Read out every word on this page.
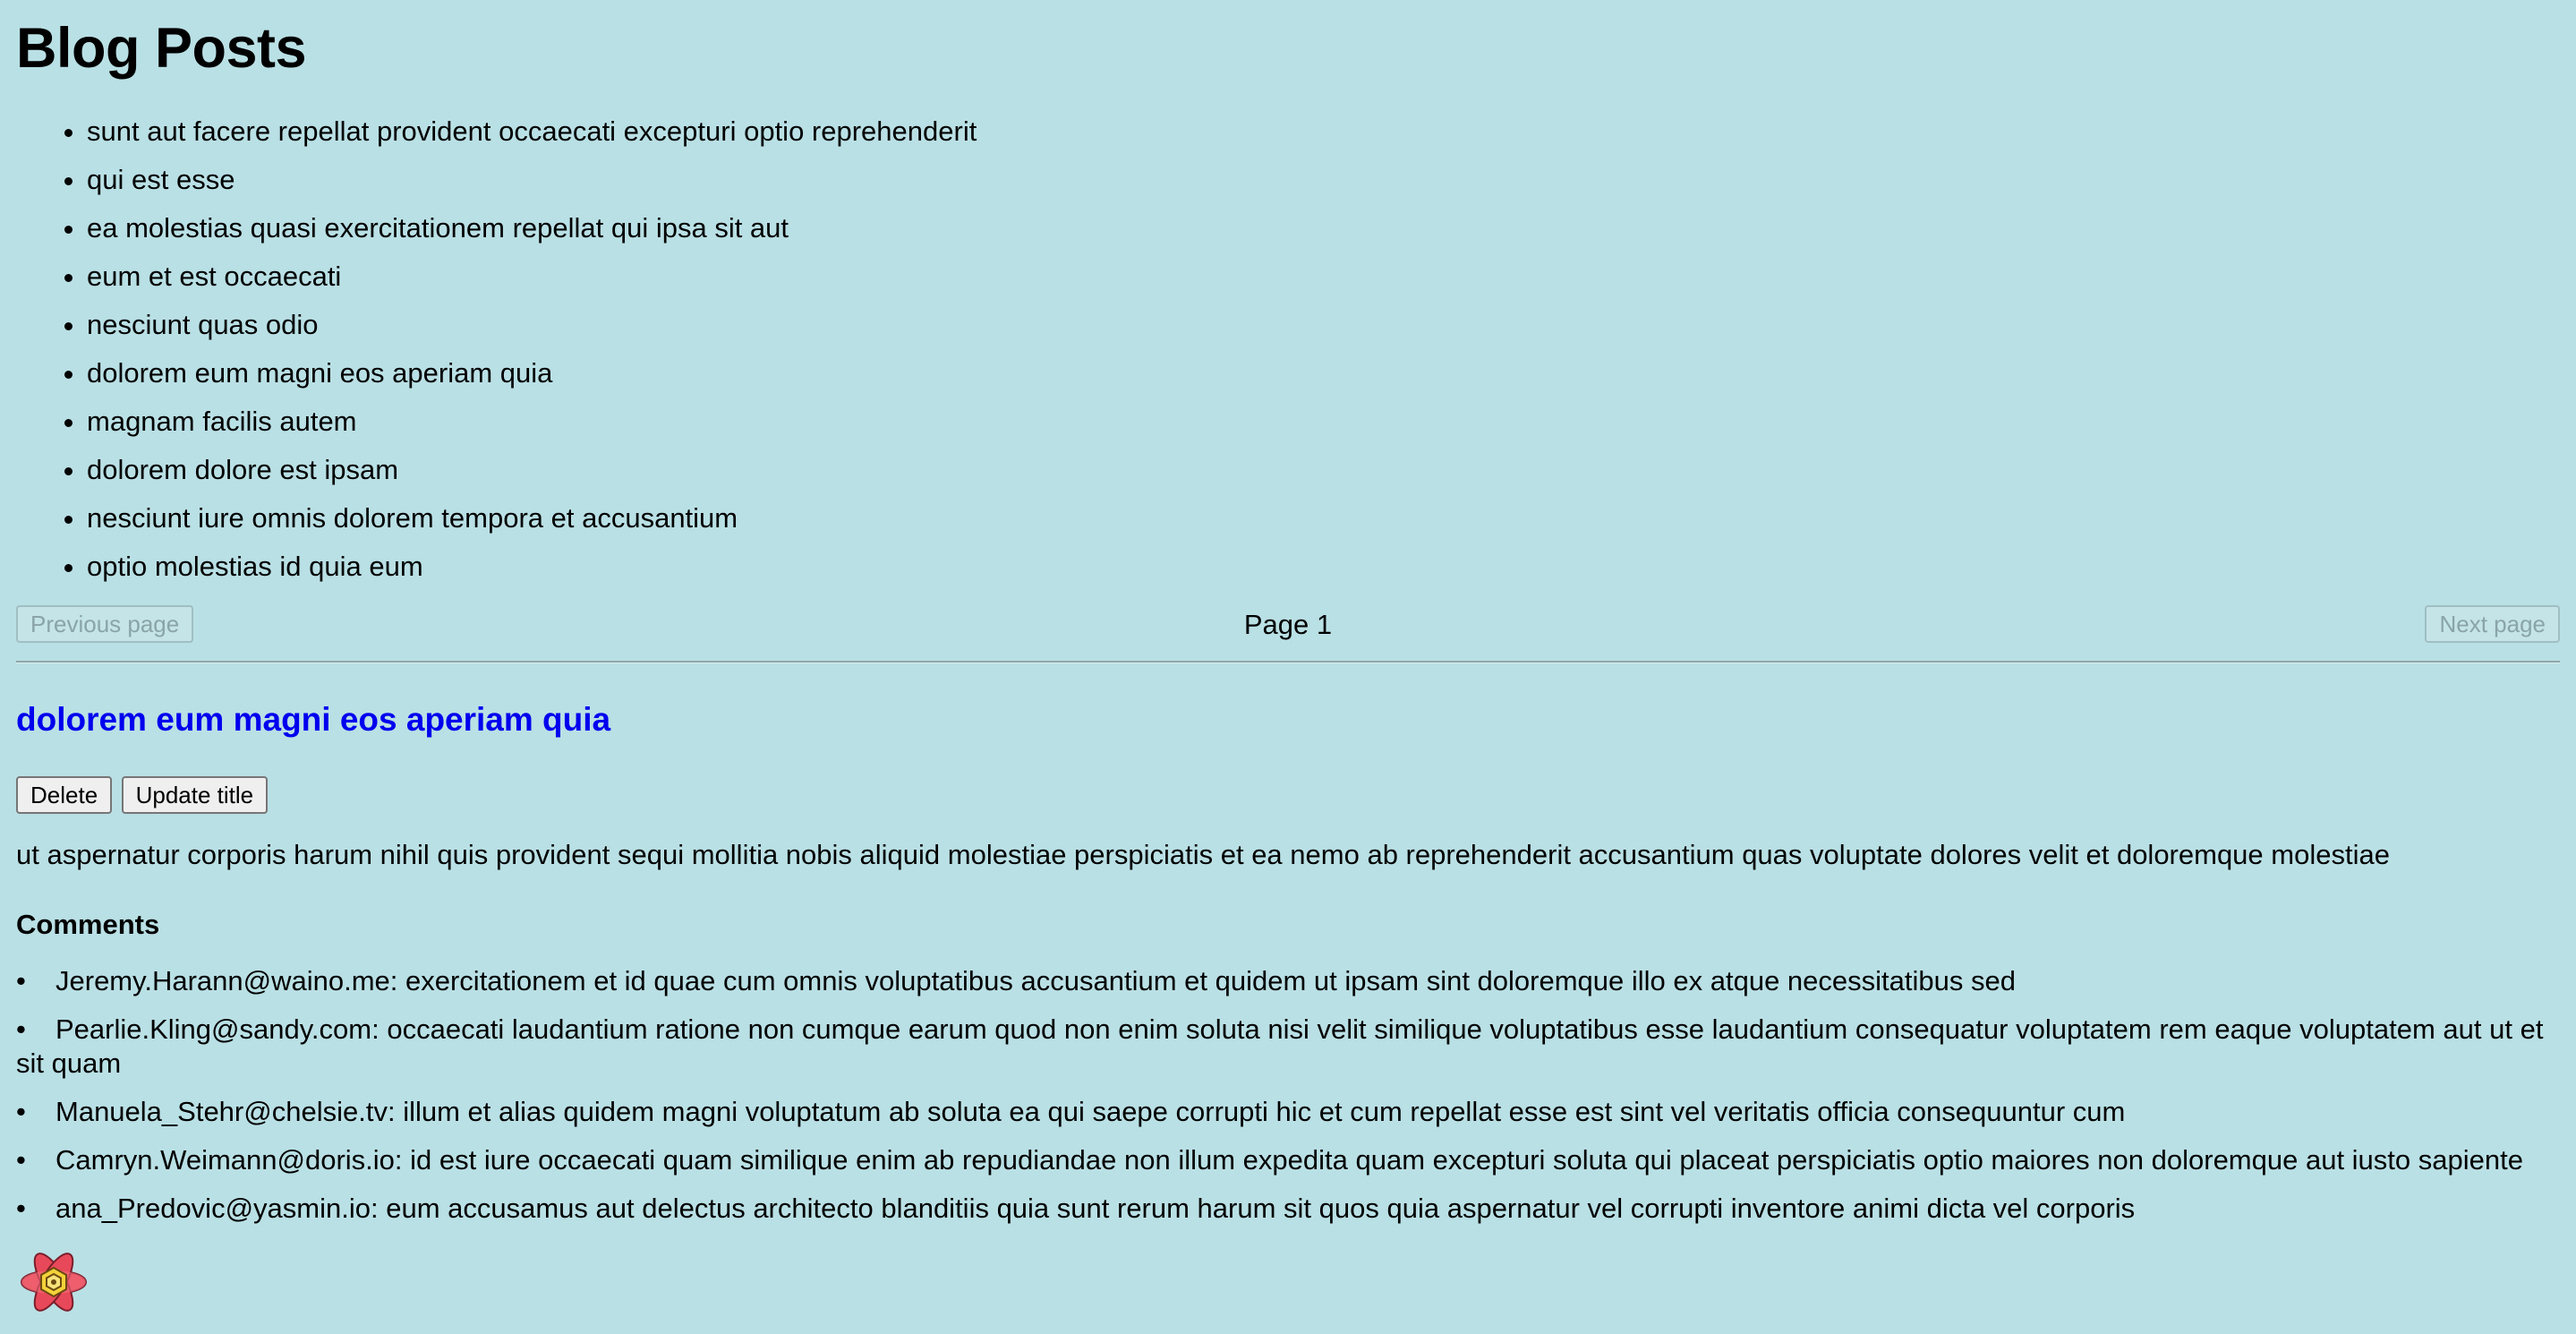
Blog Posts
• sunt aut facere repellat provident occaecati excepturi optio reprehenderit
• qui est esse
• ea molestias quasi exercitationem repellat qui ipsa sit aut
• eum et est occaecati
• nesciunt quas odio
• dolorem eum magni eos aperiam quia
• magnam facilis autem
• dolorem dolore est ipsam
• nesciunt iure omnis dolorem tempora et accusantium
• optio molestias id quia eum
Previous page	Page 1	Next page
dolorem eum magni eos aperiam quia
Delete Update title

ut aspernatur corporis harum nihil quis provident sequi mollitia nobis aliquid molestiae perspiciatis et ea nemo ab reprehenderit accusantium quas voluptate dolores velit et doloremque molestiae

Comments
•Jeremy.Harann@waino.me: exercitationem et id quae cum omnis voluptatibus accusantium et quidem ut ipsam sint doloremque illo ex atque necessitatibus sed
•Pearlie.Kling@sandy.com: occaecati laudantium ratione non cumque earum quod non enim soluta nisi velit similique voluptatibus esse laudantium consequatur voluptatem rem eaque voluptatem aut ut et sit quam
•Manuela_Stehr@chelsie.tv: illum et alias quidem magni voluptatum ab soluta ea qui saepe corrupti hic et cum repellat esse est sint vel veritatis officia consequuntur cum
•Camryn.Weimann@doris.io: id est iure occaecati quam similique enim ab repudiandae non illum expedita quam excepturi soluta qui placeat perspiciatis optio maiores non doloremque aut iusto sapiente
•ana_Predovic@yasmin.io: eum accusamus aut delectus architecto blanditiis quia sunt rerum harum sit quos quia aspernatur vel corrupti inventore animi dicta vel corporis
